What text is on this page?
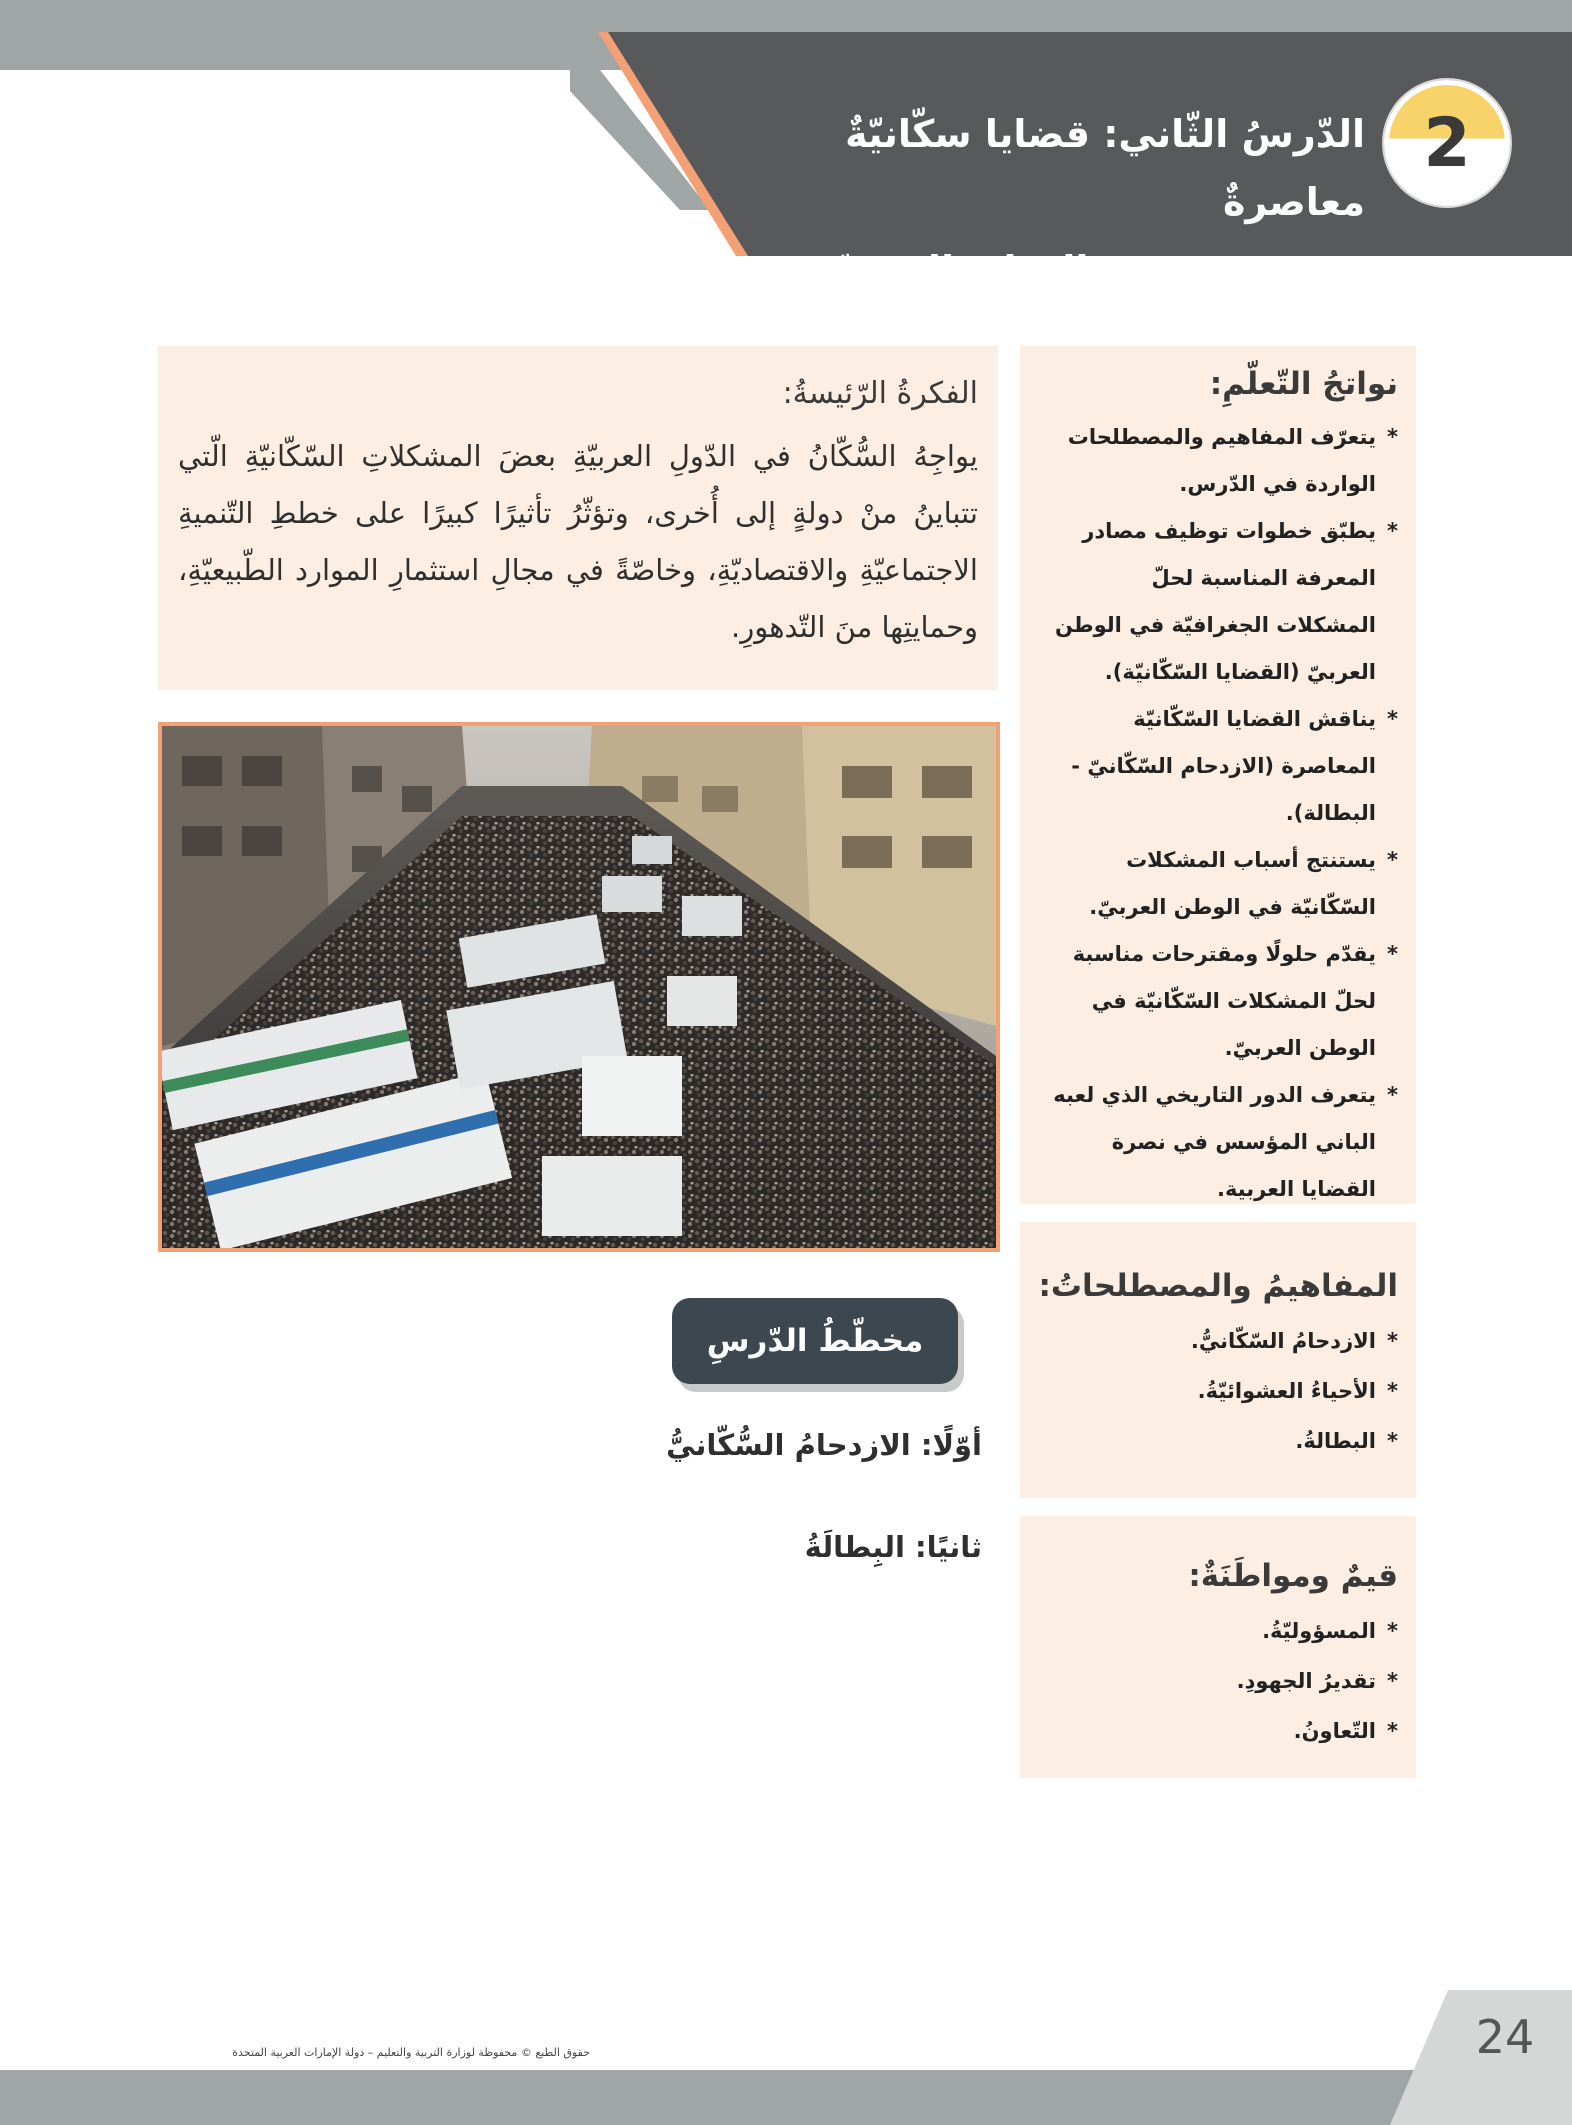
2
الدّرسُ الثّاني: قضايا سكّانيّةٌ معاصرةٌ
في الوطنِ العربيِّ
نواتجُ التّعلّمِ:
* يتعرّف المفاهيم والمصطلحات الواردة في الدّرس.
* يطبّق خطوات توظيف مصادر المعرفة المناسبة لحلّ المشكلات الجغرافيّة في الوطن العربيّ (القضايا السّكّانيّة).
* يناقش القضايا السّكّانيّة المعاصرة (الازدحام السّكّانيّ - البطالة).
* يستنتج أسباب المشكلات السّكّانيّة في الوطن العربيّ.
* يقدّم حلولًا ومقترحات مناسبة لحلّ المشكلات السّكّانيّة في الوطن العربيّ.
* يتعرف الدور التاريخي الذي لعبه الباني المؤسس في نصرة القضايا العربية.
المفاهيمُ والمصطلحاتُ:
* الازدحامُ السّكّانيُّ.
* الأحياءُ العشوائيّةُ.
* البطالةُ.
قيمٌ ومواطَنَةٌ:
* المسؤوليّةُ.
* تقديرُ الجهودِ.
* التّعاونُ.
الفكرةُ الرّئيسةُ:

يواجِهُ السُّكّانُ في الدّولِ العربيّةِ بعضَ المشكلاتِ السّكّانيّةِ الّتي تتباينُ منْ دولةٍ إلى أُخرى، وتؤثّرُ تأثيرًا كبيرًا على خططِ التّنميةِ الاجتماعيّةِ والاقتصاديّةِ، وخاصّةً في مجالِ استثمارِ الموارد الطّبيعيّةِ، وحمايتِها منَ التّدهورِ.

مخطّطُ الدّرسِ
أوّلًا: الازدحامُ السُّكّانيُّ
ثانيًا: البِطالَةُ
24
حقوق الطبع © محفوظة لوزارة التربية والتعليم – دولة الإمارات العربية المتحدة
